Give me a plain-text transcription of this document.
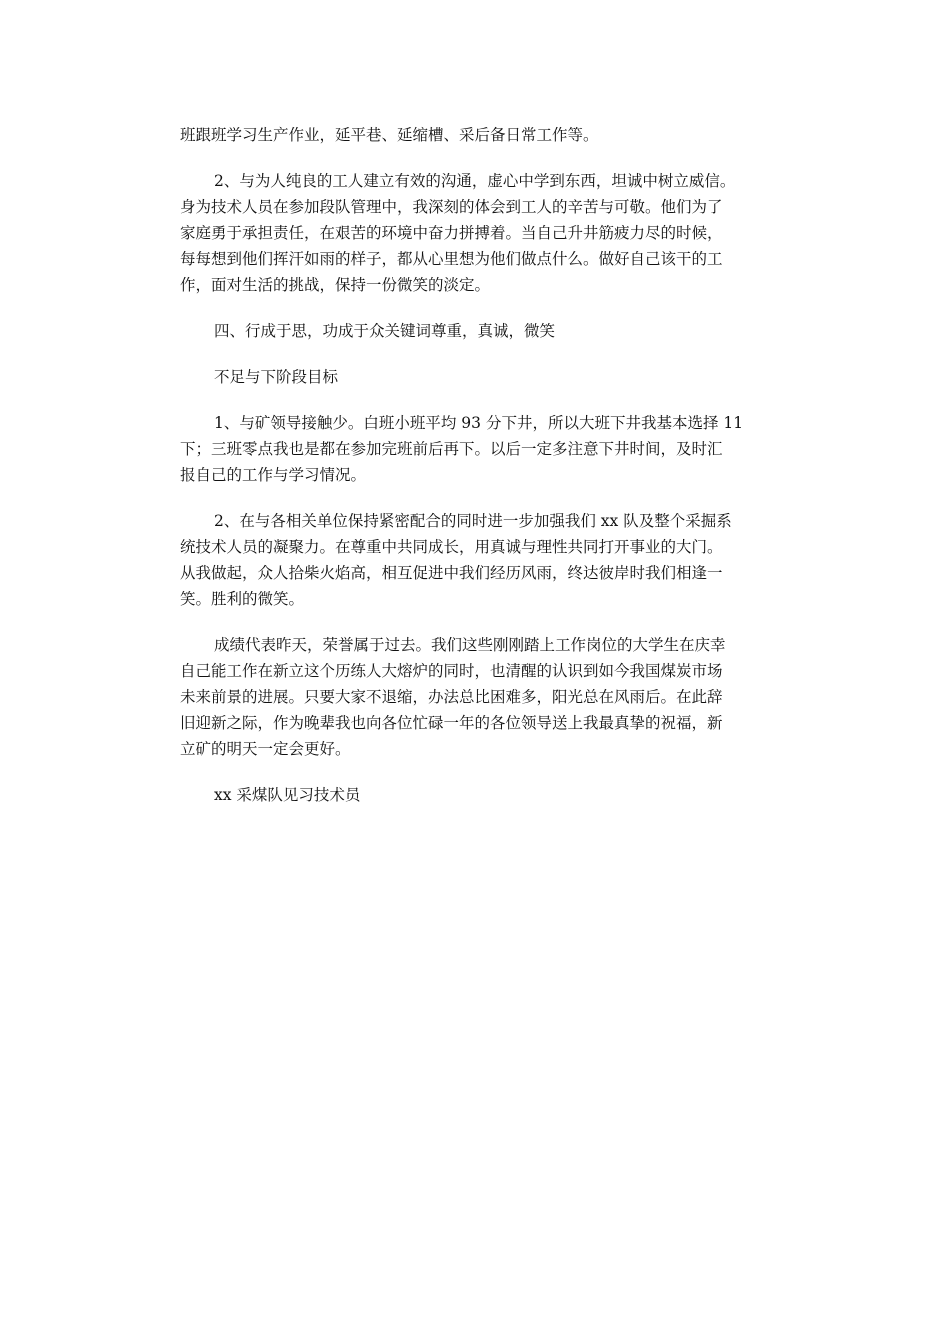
班跟班学习生产作业，延平巷、延缩槽、采后备日常工作等。

2、与为人纯良的工人建立有效的沟通，虚心中学到东西，坦诚中树立威信。
身为技术人员在参加段队管理中，我深刻的体会到工人的辛苦与可敬。他们为了
家庭勇于承担责任，在艰苦的环境中奋力拼搏着。当自己升井筋疲力尽的时候，
每每想到他们挥汗如雨的样子，都从心里想为他们做点什么。做好自己该干的工
作，面对生活的挑战，保持一份微笑的淡定。

四、行成于思，功成于众关键词尊重，真诚，微笑

不足与下阶段目标

1、与矿领导接触少。白班小班平均 93 分下井，所以大班下井我基本选择 11
下；三班零点我也是都在参加完班前后再下。以后一定多注意下井时间，及时汇
报自己的工作与学习情况。

2、在与各相关单位保持紧密配合的同时进一步加强我们 xx 队及整个采掘系
统技术人员的凝聚力。在尊重中共同成长，用真诚与理性共同打开事业的大门。
从我做起，众人拾柴火焰高，相互促进中我们经历风雨，终达彼岸时我们相逢一
笑。胜利的微笑。

成绩代表昨天，荣誉属于过去。我们这些刚刚踏上工作岗位的大学生在庆幸
自己能工作在新立这个历练人大熔炉的同时，也清醒的认识到如今我国煤炭市场
未来前景的进展。只要大家不退缩，办法总比困难多，阳光总在风雨后。在此辞
旧迎新之际，作为晚辈我也向各位忙碌一年的各位领导送上我最真挚的祝福，新
立矿的明天一定会更好。

xx 采煤队见习技术员
